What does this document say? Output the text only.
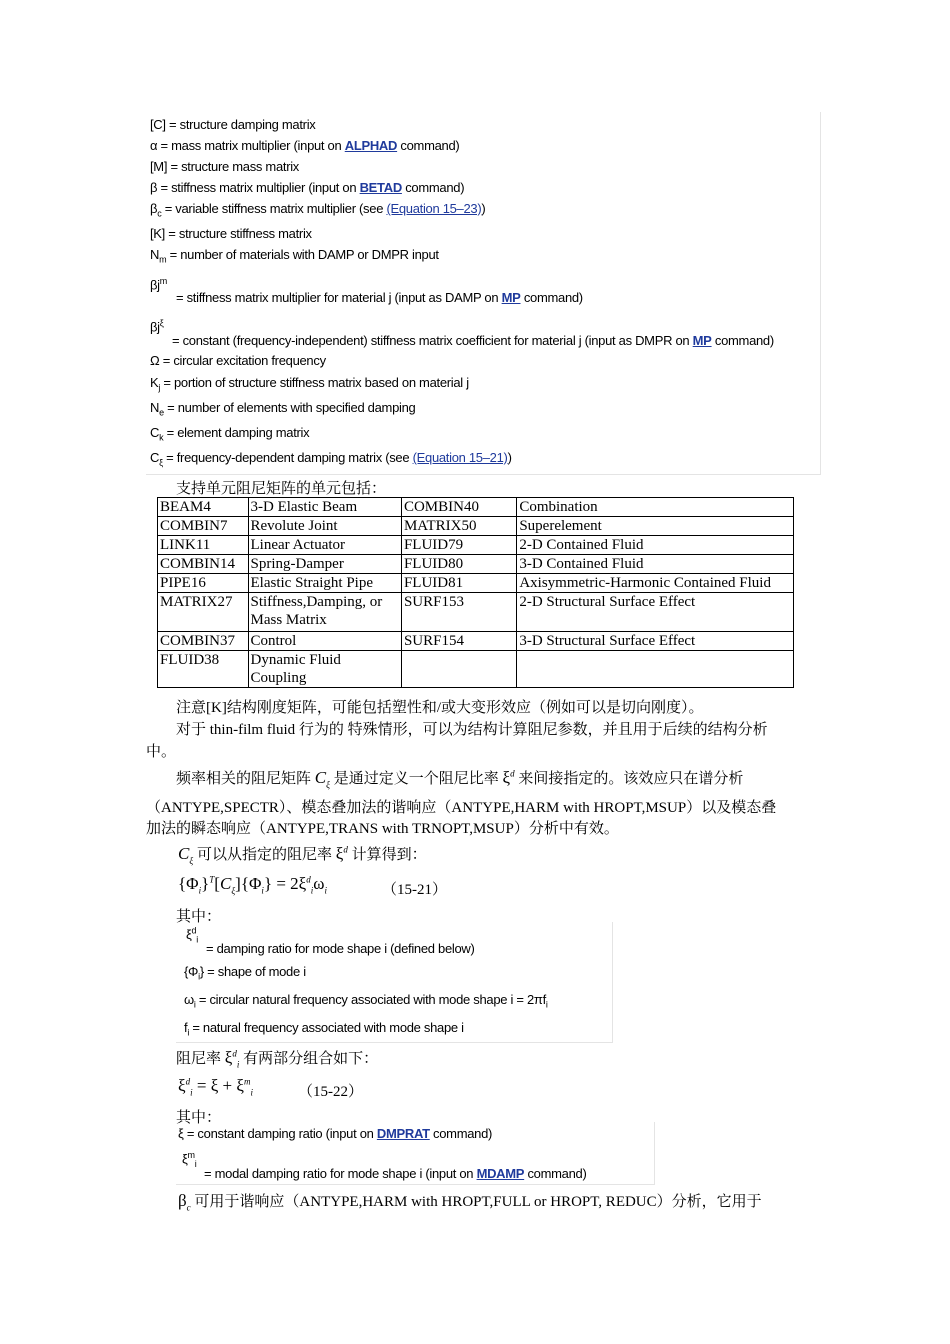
[C] = structure damping matrix
α = mass matrix multiplier (input on ALPHAD command)
[M] = structure mass matrix
β = stiffness matrix multiplier (input on BETAD command)
$\beta_c$ = variable stiffness matrix multiplier (see (Equation 15–23))
[K] = structure stiffness matrix
$N_m$ = number of materials with DAMP or DMPR input
$\beta j^m$
= stiffness matrix multiplier for material j (input as DAMP on MP command)
$\beta j^\xi$
= constant (frequency-independent) stiffness matrix coefficient for material j (input as DMPR on MP command)
Ω = circular excitation frequency
$K_j$ = portion of structure stiffness matrix based on material j
$N_e$ = number of elements with specified damping
$C_k$ = element damping matrix
$C_\xi$ = frequency-dependent damping matrix (see (Equation 15–21))
支持单元阻尼矩阵的单元包括：
BEAM4	3-D Elastic Beam	COMBIN40	Combination
COMBIN7	Revolute Joint	MATRIX50	Superelement
LINK11	Linear Actuator	FLUID79	2-D Contained Fluid
COMBIN14	Spring-Damper	FLUID80	3-D Contained Fluid
PIPE16	Elastic Straight Pipe	FLUID81	Axisymmetric-Harmonic Contained Fluid
MATRIX27	Stiffness,Damping, or Mass Matrix	SURF153	2-D Structural Surface Effect
COMBIN37	Control	SURF154	3-D Structural Surface Effect
FLUID38	Dynamic Fluid Coupling		
注意[K]结构刚度矩阵，可能包括塑性和/或大变形效应（例如可以是切向刚度）。
对于 thin-film fluid 行为的 特殊情形，可以为结构计算阻尼参数，并且用于后续的结构分析
中。
频率相关的阻尼矩阵 $C_\xi$ 是通过定义一个阻尼比率 $\xi^d$ 来间接指定的。该效应只在谱分析
（ANTYPE,SPECTR）、模态叠加法的谐响应（ANTYPE,HARM with HROPT,MSUP）以及模态叠
加法的瞬态响应（ANTYPE,TRANS with TRNOPT,MSUP）分析中有效。
$C_\xi$ 可以从指定的阻尼率 $\xi^d$ 计算得到：
$\{\Phi_i\}^T[C_\xi]\{\Phi_i\} = 2\xi^d_i\omega_i$	（15-21）
其中：
$\xi^d_i$
= damping ratio for mode shape i (defined below)
$\{\Phi_i\}$ = shape of mode i
$\omega_i$ = circular natural frequency associated with mode shape $i = 2\pi f_i$
$f_i$ = natural frequency associated with mode shape i
阻尼率 $\xi^d_i$ 有两部分组合如下：
$\xi^d_i = \xi + \xi^m_i$	（15-22）
其中：
ξ = constant damping ratio (input on DMPRAT command)
$\xi^m_i$
= modal damping ratio for mode shape i (input on MDAMP command)
$\beta_c$ 可用于谐响应（ANTYPE,HARM with HROPT,FULL or HROPT, REDUC）分析，它用于
